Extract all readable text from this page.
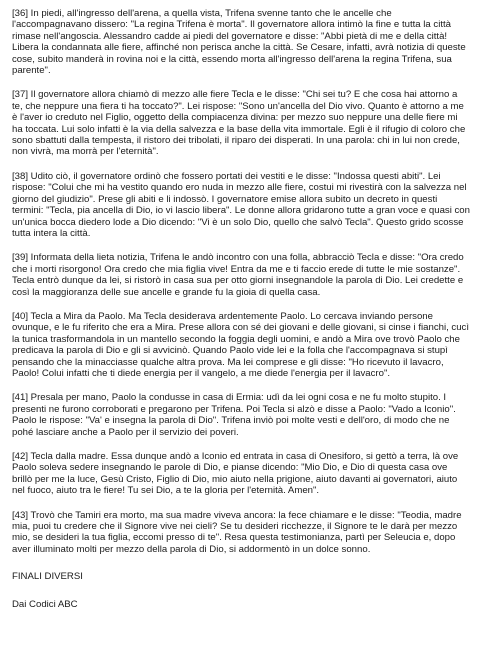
[36] In piedi, all'ingresso dell'arena, a quella vista, Trifena svenne tanto che le ancelle che l'accompagnavano dissero: "La regina Trifena è morta". Il governatore allora intimò la fine e tutta la città rimase nell'angoscia. Alessandro cadde ai piedi del governatore e disse: "Abbi pietà di me e della città! Libera la condannata alle fiere, affinché non perisca anche la città. Se Cesare, infatti, avrà notizia di queste cose, subito manderà in rovina noi e la città, essendo morta all'ingresso dell'arena la regina Trifena, sua parente".

[37] Il governatore allora chiamò di mezzo alle fiere Tecla e le disse: "Chi sei tu? E che cosa hai attorno a te, che neppure una fiera ti ha toccato?". Lei rispose: "Sono un'ancella del Dio vivo. Quanto è attorno a me è l'aver io creduto nel Figlio, oggetto della compiacenza divina: per mezzo suo neppure una delle fiere mi ha toccata. Lui solo infatti è la via della salvezza e la base della vita immortale. Egli è il rifugio di coloro che sono sbattuti dalla tempesta, il ristoro dei tribolati, il riparo dei disperati. In una parola: chi in lui non crede, non vivrà, ma morrà per l'eternità".

[38] Udito ciò, il governatore ordinò che fossero portati dei vestiti e le disse: "Indossa questi abiti". Lei rispose: "Colui che mi ha vestito quando ero nuda in mezzo alle fiere, costui mi rivestirà con la salvezza nel giorno del giudizio". Prese gli abiti e li indossò. I governatore emise allora subito un decreto in questi termini: "Tecla, pia ancella di Dio, io vi lascio libera". Le donne allora gridarono tutte a gran voce e quasi con un'unica bocca diedero lode a Dio dicendo: "Vi è un solo Dio, quello che salvò Tecla". Questo grido scosse tutta intera la città.

[39] Informata della lieta notizia, Trifena le andò incontro con una folla, abbracciò Tecla e disse: "Ora credo che i morti risorgono! Ora credo che mia figlia vive! Entra da me e ti faccio erede di tutte le mie sostanze". Tecla entrò dunque da lei, si ristorò in casa sua per otto giorni insegnandole la parola di Dio. Lei credette e così la maggioranza delle sue ancelle e grande fu la gioia di quella casa.

[40] Tecla a Mira da Paolo. Ma Tecla desiderava ardentemente Paolo. Lo cercava inviando persone ovunque, e le fu riferito che era a Mira. Prese allora con sé dei giovani e delle giovani, si cinse i fianchi, cucì la tunica trasformandola in un mantello secondo la foggia degli uomini, e andò a Mira ove trovò Paolo che predicava la parola di Dio e gli si avvicinò. Quando Paolo vide lei e la folla che l'accompagnava si stupì pensando che la minacciasse qualche altra prova. Ma lei comprese e gli disse: "Ho ricevuto il lavacro, Paolo! Colui infatti che ti diede energia per il vangelo, a me diede l'energia per il lavacro".

[41] Presala per mano, Paolo la condusse in casa di Ermia: udì da lei ogni cosa e ne fu molto stupito. I presenti ne furono corroborati e pregarono per Trifena. Poi Tecla si alzò e disse a Paolo: "Vado a Iconio". Paolo le rispose: "Va' e insegna la parola di Dio". Trifena inviò poi molte vesti e dell'oro, di modo che ne pohé lasciare anche a Paolo per il servizio dei poveri.

[42] Tecla dalla madre. Essa dunque andò a Iconio ed entrata in casa di Onesiforo, si gettò a terra, là ove Paolo soleva sedere insegnando le parole di Dio, e pianse dicendo: "Mio Dio, e Dio di questa casa ove brillò per me la luce, Gesù Cristo, Figlio di Dio, mio aiuto nella prigione, aiuto davanti ai governatori, aiuto nel fuoco, aiuto tra le fiere! Tu sei Dio, a te la gloria per l'eternità. Amen".

[43] Trovò che Tamiri era morto, ma sua madre viveva ancora: la fece chiamare e le disse: "Teodia, madre mia, puoi tu credere che il Signore vive nei cieli? Se tu desideri ricchezze, il Signore te le darà per mezzo mio, se desideri la tua figlia, eccomi presso di te". Resa questa testimonianza, partì per Seleucia e, dopo aver illuminato molti per mezzo della parola di Dio, si addormentò in un dolce sonno.

FINALI DIVERSI

Dai Codici ABC
